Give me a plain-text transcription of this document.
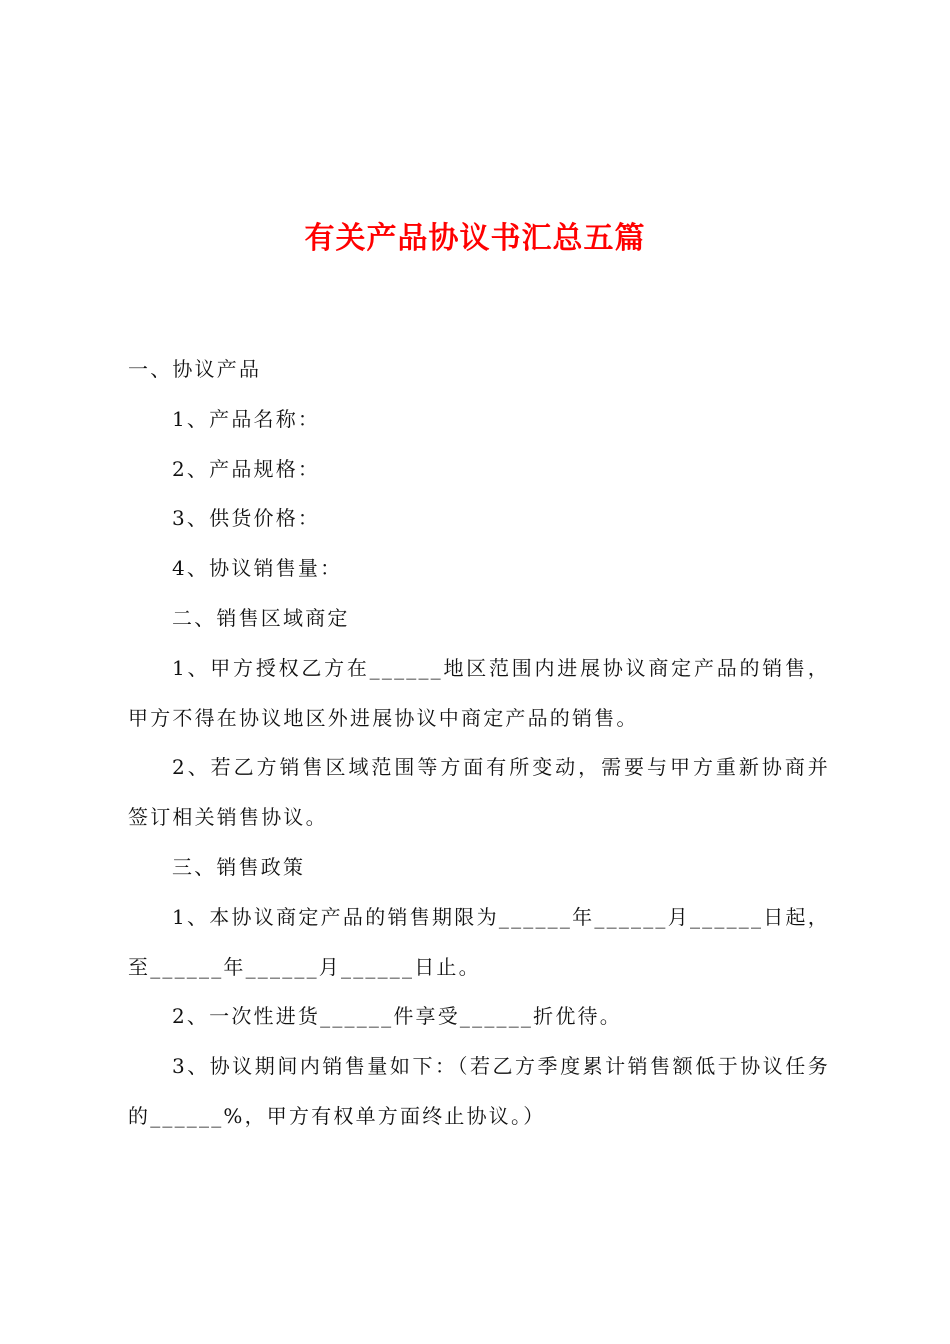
有关产品协议书汇总五篇

一、协议产品

1、产品名称：

2、产品规格：

3、供货价格：

4、协议销售量：

二、销售区域商定

1、甲方授权乙方在______地区范围内进展协议商定产品的销售，甲方不得在协议地区外进展协议中商定产品的销售。

2、若乙方销售区域范围等方面有所变动，需要与甲方重新协商并签订相关销售协议。

三、销售政策

1、本协议商定产品的销售期限为______年______月______日起，至______年______月______日止。

2、一次性进货______件享受______折优待。

3、协议期间内销售量如下：（若乙方季度累计销售额低于协议任务的______%，甲方有权单方面终止协议。）
